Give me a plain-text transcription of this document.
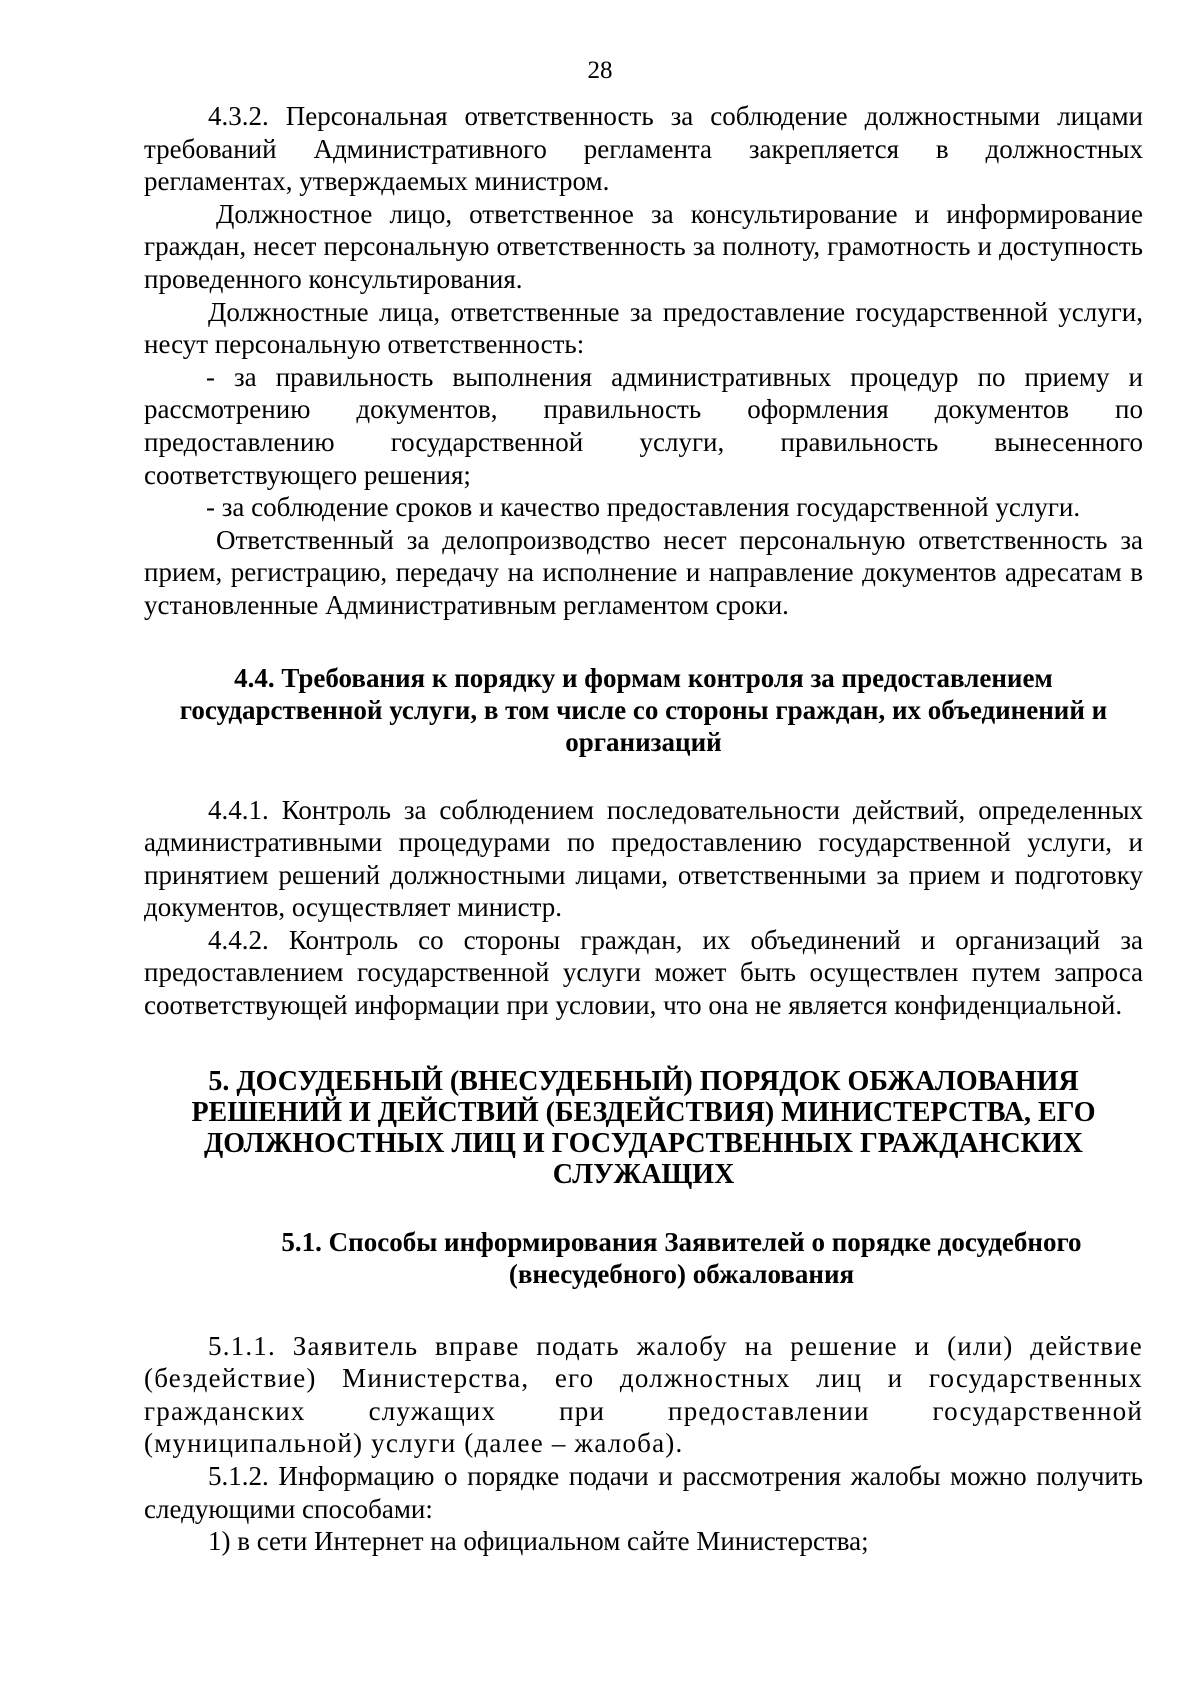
28

4.3.2. Персональная ответственность за соблюдение должностными лицами требований Административного регламента закрепляется в должностных регламентах, утверждаемых министром.

Должностное лицо, ответственное за консультирование и информирование граждан, несет персональную ответственность за полноту, грамотность и доступность проведенного консультирования.

Должностные лица, ответственные за предоставление государственной услуги, несут персональную ответственность:

- за правильность выполнения административных процедур по приему и рассмотрению документов, правильность оформления документов по предоставлению государственной услуги, правильность вынесенного соответствующего решения;

- за соблюдение сроков и качество предоставления государственной услуги.

Ответственный за делопроизводство несет персональную ответственность за прием, регистрацию, передачу на исполнение и направление документов адресатам в установленные Административным регламентом сроки.

4.4. Требования к порядку и формам контроля за предоставлением государственной услуги, в том числе со стороны граждан, их объединений и организаций

4.4.1. Контроль за соблюдением последовательности действий, определенных административными процедурами по предоставлению государственной услуги, и принятием решений должностными лицами, ответственными за прием и подготовку документов, осуществляет министр.

4.4.2. Контроль со стороны граждан, их объединений и организаций за предоставлением государственной услуги может быть осуществлен путем запроса соответствующей информации при условии, что она не является конфиденциальной.

5. ДОСУДЕБНЫЙ (ВНЕСУДЕБНЫЙ) ПОРЯДОК ОБЖАЛОВАНИЯ РЕШЕНИЙ И ДЕЙСТВИЙ (БЕЗДЕЙСТВИЯ) МИНИСТЕРСТВА, ЕГО ДОЛЖНОСТНЫХ ЛИЦ И ГОСУДАРСТВЕННЫХ ГРАЖДАНСКИХ СЛУЖАЩИХ
5.1. Способы информирования Заявителей о порядке досудебного (внесудебного) обжалования

5.1.1. Заявитель вправе подать жалобу на решение и (или) действие (бездействие) Министерства, его должностных лиц и государственных гражданских служащих при предоставлении государственной (муниципальной) услуги (далее – жалоба).

5.1.2. Информацию о порядке подачи и рассмотрения жалобы можно получить следующими способами:

1) в сети Интернет на официальном сайте Министерства;
